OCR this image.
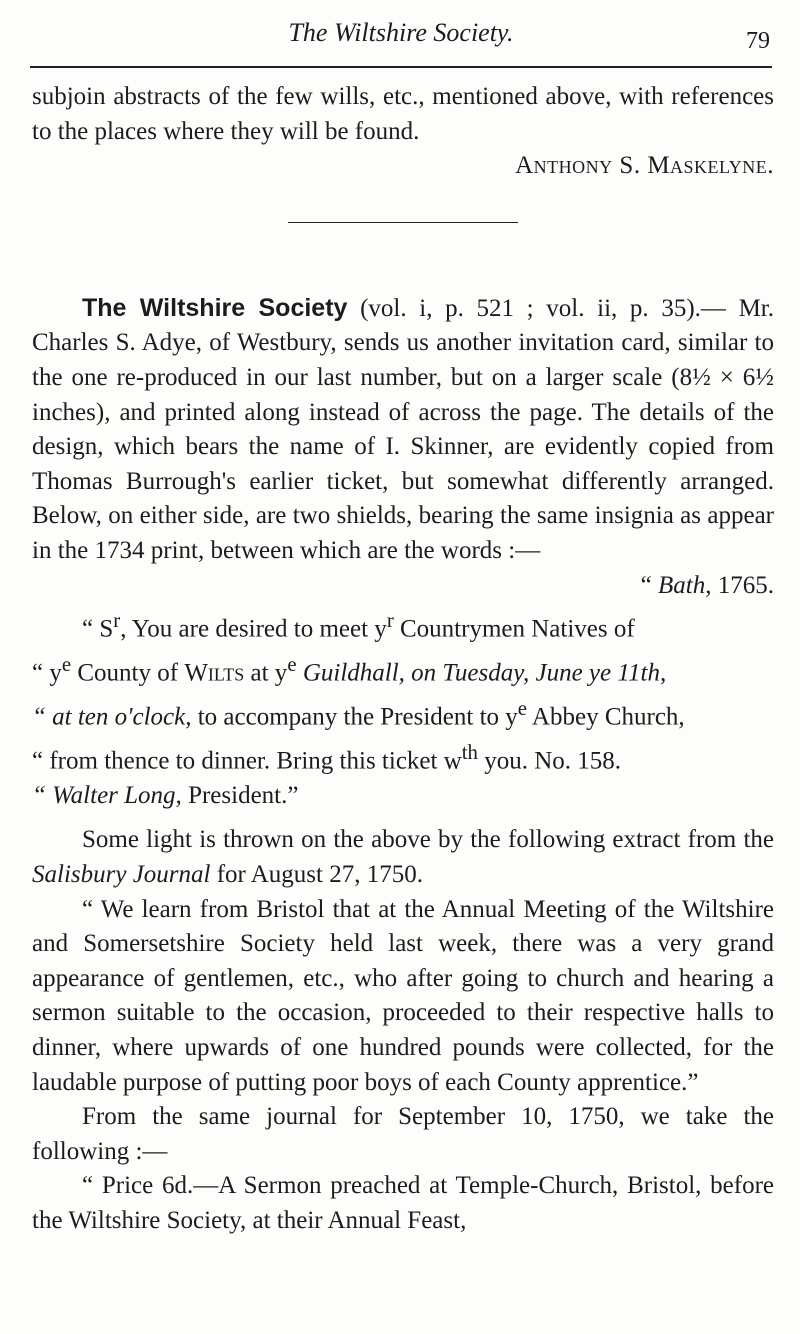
The Wiltshire Society.	79

subjoin abstracts of the few wills, etc., mentioned above, with references to the places where they will be found.

Anthony S. Maskelyne.

The Wiltshire Society (vol. i, p. 521 ; vol. ii, p. 35).— Mr. Charles S. Adye, of Westbury, sends us another invitation card, similar to the one re-produced in our last number, but on a larger scale (8½ × 6½ inches), and printed along instead of across the page. The details of the design, which bears the name of I. Skinner, are evidently copied from Thomas Burrough's earlier ticket, but somewhat differently arranged. Below, on either side, are two shields, bearing the same insignia as appear in the 1734 print, between which are the words :—

“ Bath, 1765.

“ $S^r$, You are desired to meet $y^r$ Countrymen Natives of

“ $y^e$ County of Wilts at $y^e$ Guildhall, on Tuesday, June ye 11th,

“ at ten o'clock, to accompany the President to $y^e$ Abbey Church,

“ from thence to dinner. Bring this ticket $w^{th}$ you. No. 158.

“ Walter Long, President.”

Some light is thrown on the above by the following extract from the Salisbury Journal for August 27, 1750.

“ We learn from Bristol that at the Annual Meeting of the Wiltshire and Somersetshire Society held last week, there was a very grand appearance of gentlemen, etc., who after going to church and hearing a sermon suitable to the occasion, proceeded to their respective halls to dinner, where upwards of one hundred pounds were collected, for the laudable purpose of putting poor boys of each County apprentice.”

From the same journal for September 10, 1750, we take the following :—

“ Price 6d.—A Sermon preached at Temple-Church, Bristol, before the Wiltshire Society, at their Annual Feast,
